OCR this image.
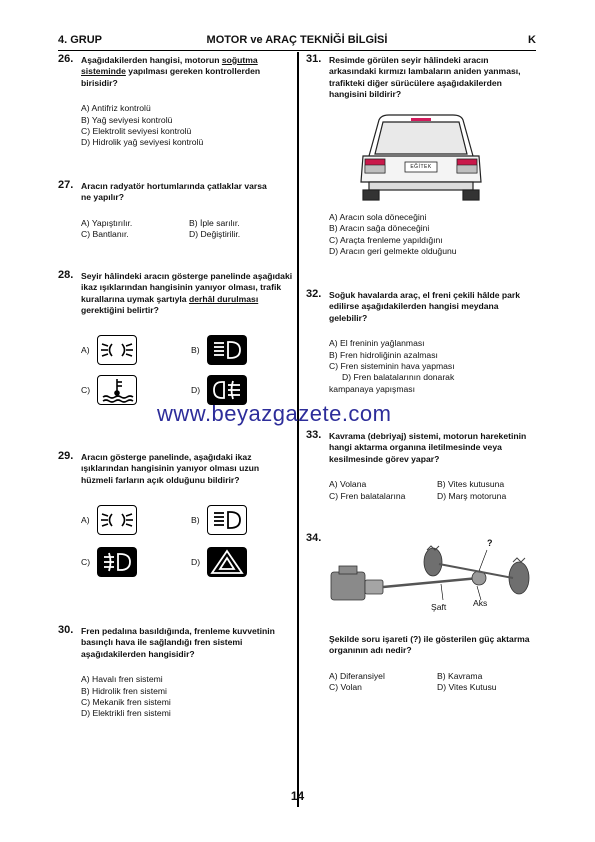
4. GRUP	MOTOR ve ARAÇ TEKNİĞİ BİLGİSİ	K
26. Aşağıdakilerden hangisi, motorun soğutma sisteminde yapılması gereken kontrollerden birisidir?
A) Antifriz kontrolü
B) Yağ seviyesi kontrolü
C) Elektrolit seviyesi kontrolü
D) Hidrolik yağ seviyesi kontrolü
27. Aracın radyatör hortumlarında çatlaklar varsa ne yapılır?
A) Yapıştırılır.	B) İple sarılır.
C) Bantlanır.	D) Değiştirilir.
28. Seyir hâlindeki aracın gösterge panelinde aşağıdaki ikaz ışıklarından hangisinin yanıyor olması, trafik kurallarına uymak şartıyla derhâl durulması gerektiğini belirtir?
A)	B)
C)	D)
www.beyazgazete.com
29. Aracın gösterge panelinde, aşağıdaki ikaz ışıklarından hangisinin yanıyor olması uzun hüzmeli farların açık olduğunu bildirir?
A)	B)
C)	D)
30. Fren pedalına basıldığında, frenleme kuvvetinin basınçlı hava ile sağlandığı fren sistemi aşağıdakilerden hangisidir?
A) Havalı fren sistemi
B) Hidrolik fren sistemi
C) Mekanik fren sistemi
D) Elektrikli fren sistemi
31. Resimde görülen seyir hâlindeki aracın arkasındaki kırmızı lambaların aniden yanması, trafikteki diğer sürücülere aşağıdakilerden hangisini bildirir?
EĞİTEK
A) Aracın sola döneceğini
B) Aracın sağa döneceğini
C) Araçta frenleme yapıldığını
D) Aracın geri gelmekte olduğunu
32. Soğuk havalarda araç, el freni çekili hâlde park edilirse aşağıdakilerden hangisi meydana gelebilir?
A) El freninin yağlanması
B) Fren hidroliğinin azalması
C) Fren sisteminin hava yapması
D) Fren balatalarının donarak kampanaya yapışması
33. Kavrama (debriyaj) sistemi, motorun hareketinin hangi aktarma organına iletilmesinde veya kesilmesinde görev yapar?
A) Volana	B) Vites kutusuna
C) Fren balatalarına	D) Marş motoruna
34.	?
Şaft	Aks
Şekilde soru işareti (?) ile gösterilen güç aktarma organının adı nedir?
A) Diferansiyel	B) Kavrama
C) Volan	D) Vites Kutusu
14
